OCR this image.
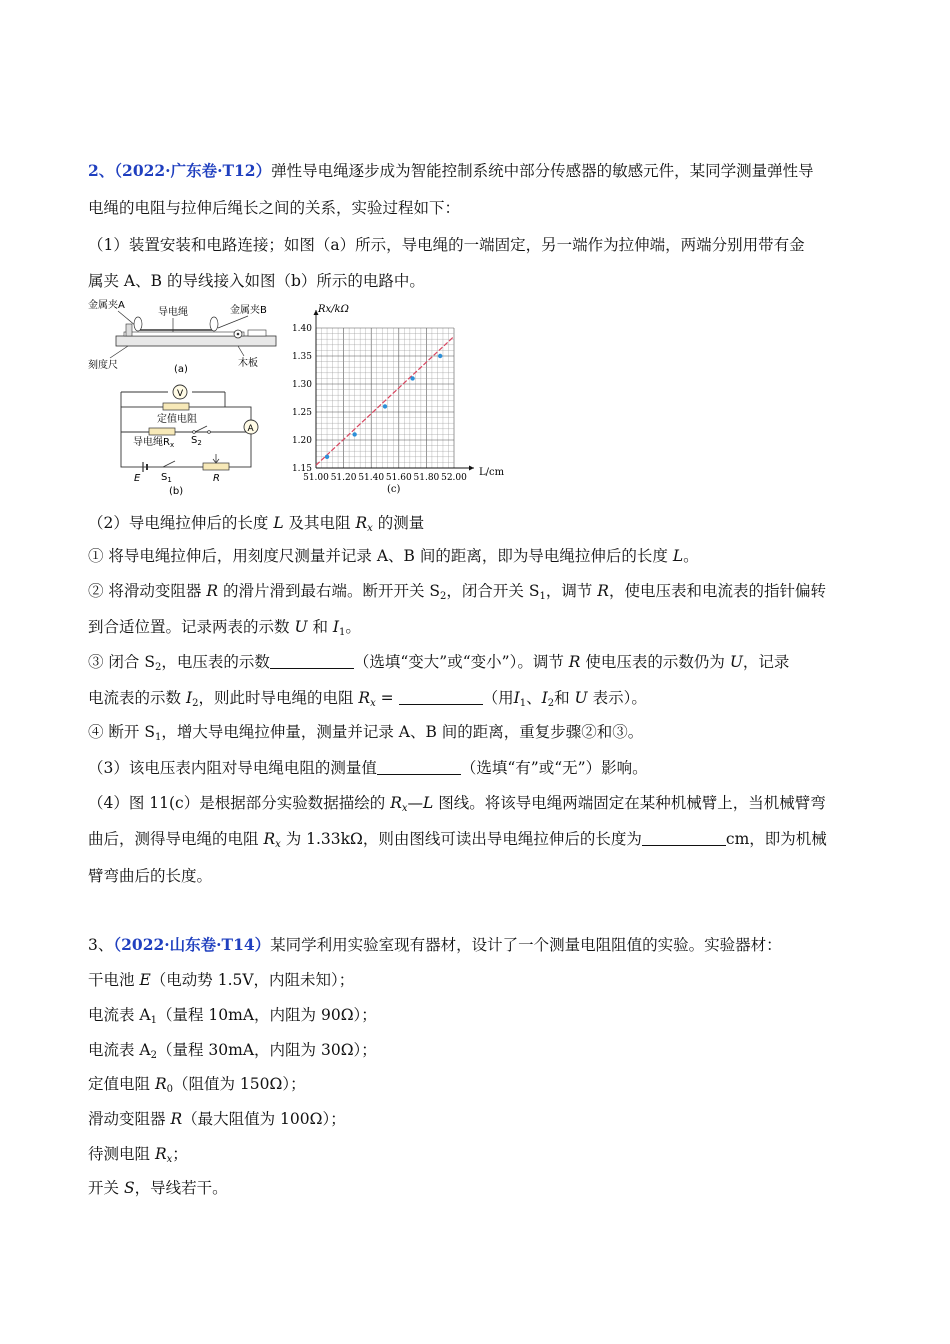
2、（2022·广东卷·T12）弹性导电绳逐步成为智能控制系统中部分传感器的敏感元件，某同学测量弹性导
电绳的电阻与拉伸后绳长之间的关系，实验过程如下：
（1）装置安装和电路连接；如图（a）所示，导电绳的一端固定，另一端作为拉伸端，两端分别用带有金
属夹 A、B 的导线接入如图（b）所示的电路中。
金属夹A
导电绳	金属夹B
刻度尺	木板
(a)
V
定值电阻
导电绳$R_x$ $S_2$
A
E $S_1$	R
(b)
51.00 51.20 51.40 51.60 51.80 52.00
1.15
1.20
1.25
1.30
1.35
1.40
Rx/kΩ
L/cm
(c)
（2）导电绳拉伸后的长度 L 及其电阻 $R_x$ 的测量
① 将导电绳拉伸后，用刻度尺测量并记录 A、B 间的距离，即为导电绳拉伸后的长度 L。
② 将滑动变阻器 R 的滑片滑到最右端。断开开关 $S_2$，闭合开关 $S_1$，调节 R，使电压表和电流表的指针偏转
到合适位置。记录两表的示数 U 和 $I_1$。
③ 闭合 $S_2$，电压表的示数	（选填“变大”或“变小”）。调节 R 使电压表的示数仍为 U，记录
电流表的示数 $I_2$，则此时导电绳的电阻 $R_x$ =	（用$I_1$、$I_2$和 U 表示）。
④ 断开 $S_1$，增大导电绳拉伸量，测量并记录 A、B 间的距离，重复步骤②和③。
（3）该电压表内阻对导电绳电阻的测量值	（选填“有”或“无”）影响。
（4）图 11(c）是根据部分实验数据描绘的 $R_x—L$ 图线。将该导电绳两端固定在某种机械臂上，当机械臂弯
曲后，测得导电绳的电阻 $R_x$ 为 1.33kΩ，则由图线可读出导电绳拉伸后的长度为	cm，即为机械
臂弯曲后的长度。
3、（2022·山东卷·T14）某同学利用实验室现有器材，设计了一个测量电阻阻值的实验。实验器材：
干电池 E（电动势 1.5V，内阻未知）；
电流表 $A_1$（量程 10mA，内阻为 90Ω）；
电流表 $A_2$（量程 30mA，内阻为 30Ω）；
定值电阻 $R_0$（阻值为 150Ω）；
滑动变阻器 R（最大阻值为 100Ω）；
待测电阻 $R_x$；
开关 S，导线若干。
